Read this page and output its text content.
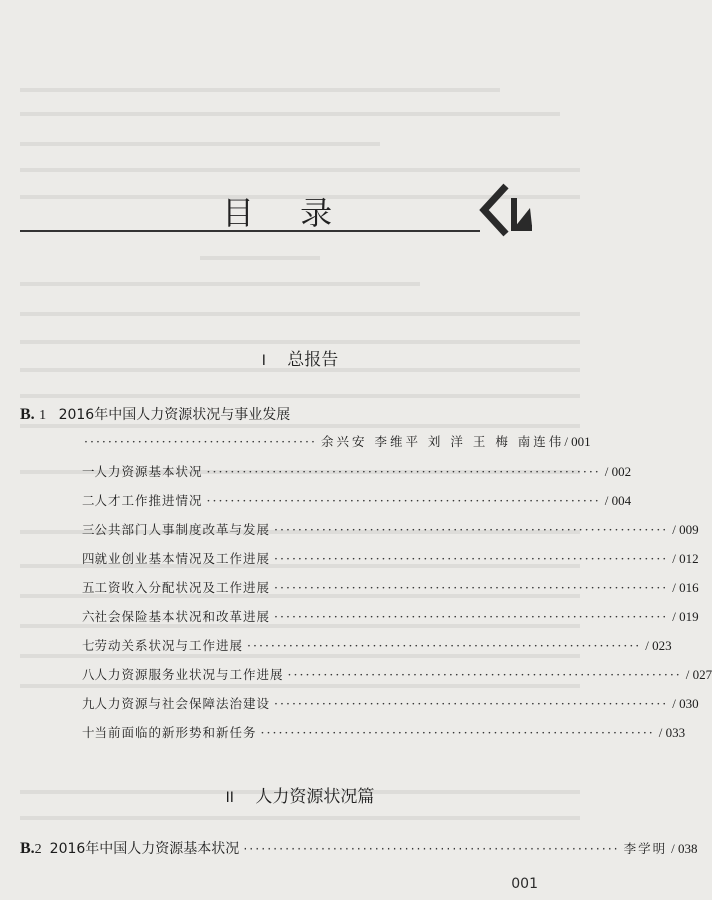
目 录
I 总报告
B. 1 2016年中国人力资源状况与事业发展
······································· 余兴安 李维平 刘 洋 王 梅 南连伟 / 001
一 人力资源基本状况 ·································································· / 002
二 人才工作推进情况 ·································································· / 004
三 公共部门人事制度改革与发展 ·································································· / 009
四 就业创业基本情况及工作进展 ·································································· / 012
五 工资收入分配状况及工作进展 ·································································· / 016
六 社会保险基本状况和改革进展 ·································································· / 019
七 劳动关系状况与工作进展 ·································································· / 023
八 人力资源服务业状况与工作进展 ·································································· / 027
九 人力资源与社会保障法治建设 ·································································· / 030
十 当前面临的新形势和新任务 ·································································· / 033
II 人力资源状况篇
B. 2 2016年中国人力资源基本状况 ······························································· 李学明 / 038
001
